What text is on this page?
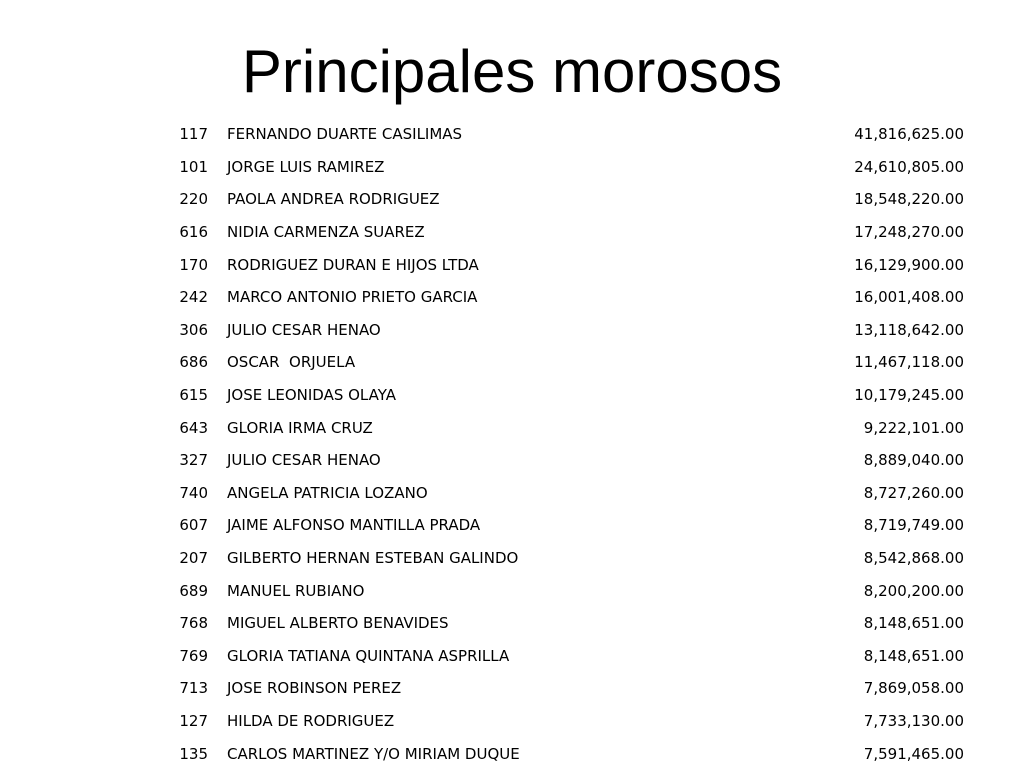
Principales morosos
117	FERNANDO DUARTE CASILIMAS	41,816,625.00
101	JORGE LUIS RAMIREZ	24,610,805.00
220	PAOLA ANDREA RODRIGUEZ	18,548,220.00
616	NIDIA CARMENZA SUAREZ	17,248,270.00
170	RODRIGUEZ DURAN E HIJOS LTDA	16,129,900.00
242	MARCO ANTONIO PRIETO GARCIA	16,001,408.00
306	JULIO CESAR HENAO	13,118,642.00
686	OSCAR  ORJUELA	11,467,118.00
615	JOSE LEONIDAS OLAYA	10,179,245.00
643	GLORIA IRMA CRUZ	9,222,101.00
327	JULIO CESAR HENAO	8,889,040.00
740	ANGELA PATRICIA LOZANO	8,727,260.00
607	JAIME ALFONSO MANTILLA PRADA	8,719,749.00
207	GILBERTO HERNAN ESTEBAN GALINDO	8,542,868.00
689	MANUEL RUBIANO	8,200,200.00
768	MIGUEL ALBERTO BENAVIDES	8,148,651.00
769	GLORIA TATIANA QUINTANA ASPRILLA	8,148,651.00
713	JOSE ROBINSON PEREZ	7,869,058.00
127	HILDA DE RODRIGUEZ	7,733,130.00
135	CARLOS MARTINEZ Y/O MIRIAM DUQUE	7,591,465.00
